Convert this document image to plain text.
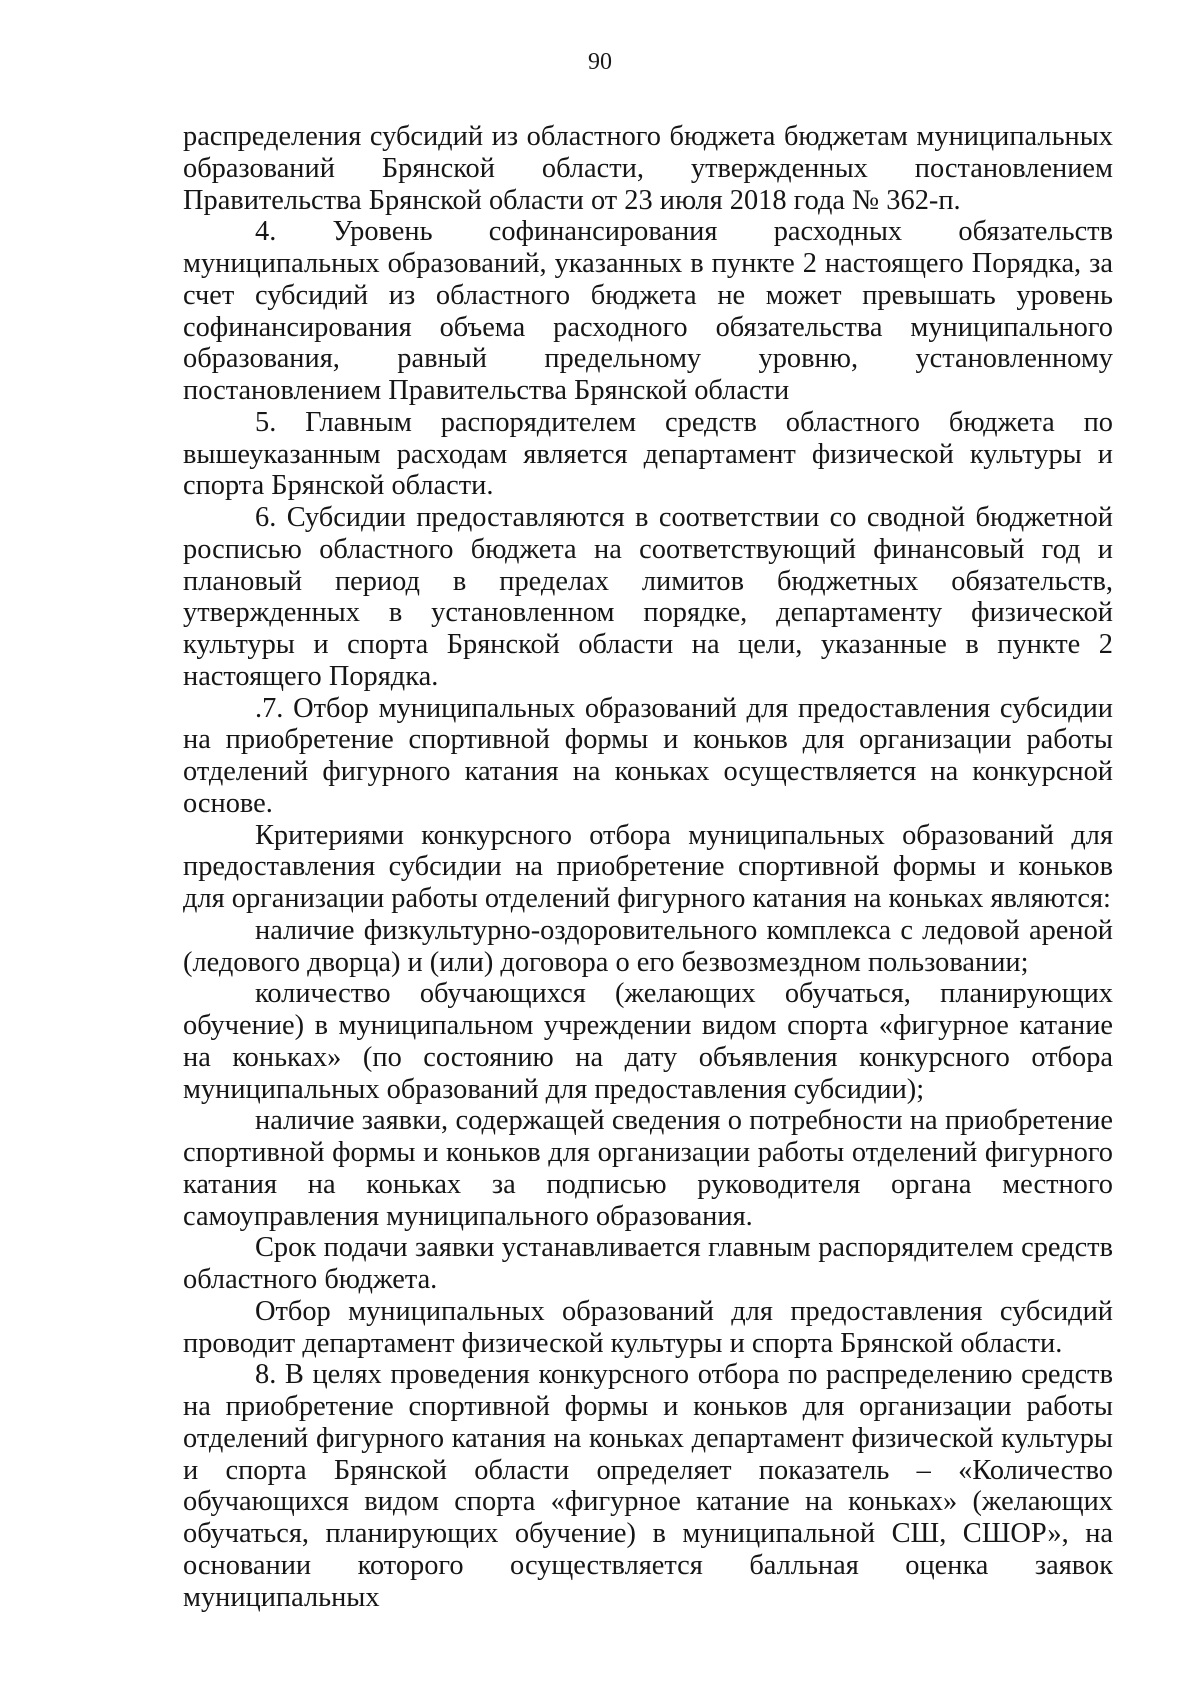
90

распределения субсидий из областного бюджета бюджетам муниципальных образований Брянской области, утвержденных постановлением Правительства Брянской области от 23 июля 2018 года № 362-п.

4. Уровень софинансирования расходных обязательств муниципальных образований, указанных в пункте 2 настоящего Порядка, за счет субсидий из областного бюджета не может превышать уровень софинансирования объема расходного обязательства муниципального образования, равный предельному уровню, установленному постановлением Правительства Брянской области

5. Главным распорядителем средств областного бюджета по вышеуказанным расходам является департамент физической культуры и спорта Брянской области.

6. Субсидии предоставляются в соответствии со сводной бюджетной росписью областного бюджета на соответствующий финансовый год и плановый период в пределах лимитов бюджетных обязательств, утвержденных в установленном порядке, департаменту физической культуры и спорта Брянской области на цели, указанные в пункте 2 настоящего Порядка.

.7. Отбор муниципальных образований для предоставления субсидии на приобретение спортивной формы и коньков для организации работы отделений фигурного катания на коньках осуществляется на конкурсной основе.

Критериями конкурсного отбора муниципальных образований для предоставления субсидии на приобретение спортивной формы и коньков для организации работы отделений фигурного катания на коньках являются:

наличие физкультурно-оздоровительного комплекса с ледовой ареной (ледового дворца) и (или) договора о его безвозмездном пользовании;

количество обучающихся (желающих обучаться, планирующих обучение) в муниципальном учреждении видом спорта «фигурное катание на коньках» (по состоянию на дату объявления конкурсного отбора муниципальных образований для предоставления субсидии);

наличие заявки, содержащей сведения о потребности на приобретение спортивной формы и коньков для организации работы отделений фигурного катания на коньках за подписью руководителя органа местного самоуправления муниципального образования.

Срок подачи заявки устанавливается главным распорядителем средств областного бюджета.

Отбор муниципальных образований для предоставления субсидий проводит департамент физической культуры и спорта Брянской области.

8. В целях проведения конкурсного отбора по распределению средств на приобретение спортивной формы и коньков для организации работы отделений фигурного катания на коньках департамент физической культуры и спорта Брянской области определяет показатель – «Количество обучающихся видом спорта «фигурное катание на коньках» (желающих обучаться, планирующих обучение) в муниципальной СШ, СШОР», на основании которого осуществляется балльная оценка заявок муниципальных
